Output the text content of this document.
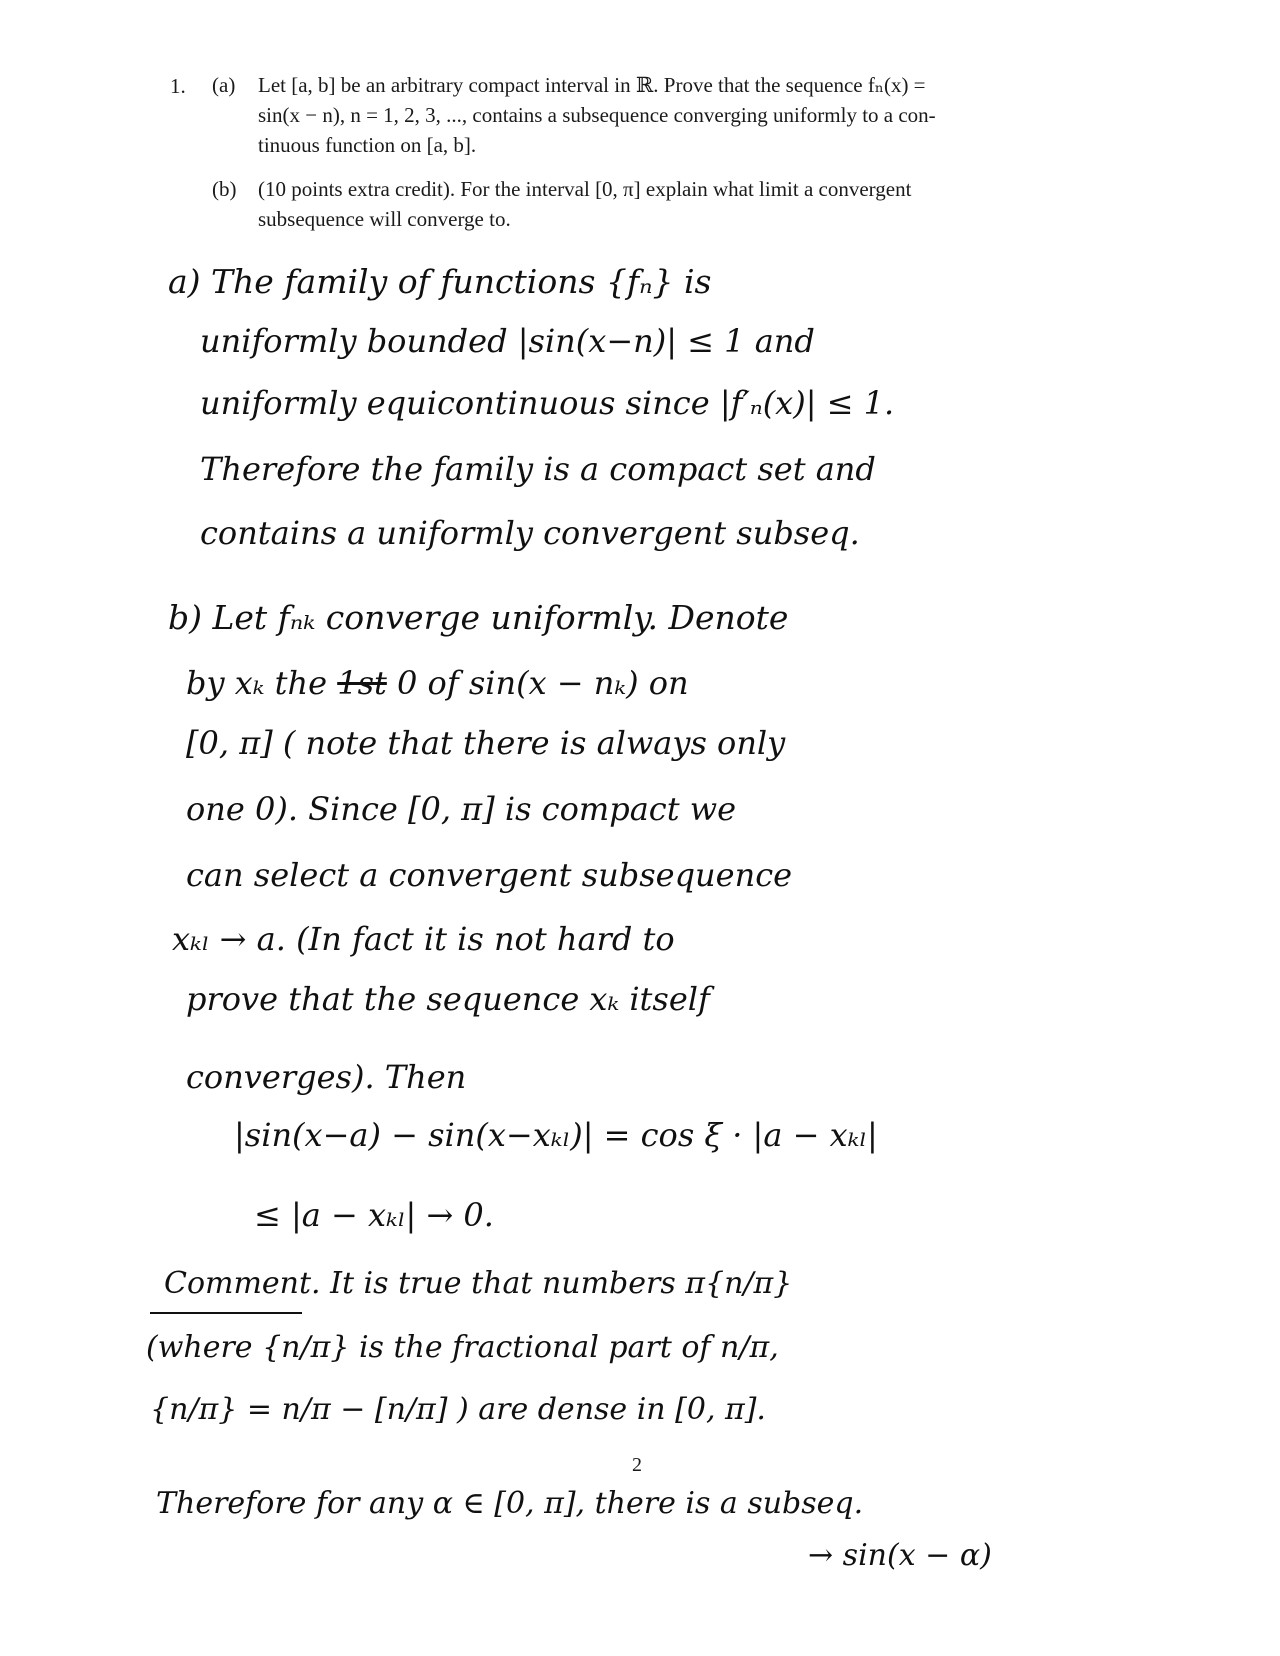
1. (a) Let [a, b] be an arbitrary compact interval in ℝ. Prove that the sequence fₙ(x) =
sin(x − n), n = 1, 2, 3, ..., contains a subsequence converging uniformly to a con-
tinuous function on [a, b].
(b) (10 points extra credit). For the interval [0, π] explain what limit a convergent
subsequence will converge to.
a) The family of functions {fₙ} is
uniformly bounded |sin(x−n)| ≤ 1 and
uniformly equicontinuous since |f′ₙ(x)| ≤ 1.
Therefore the family is a compact set and
contains a uniformly convergent subseq.
b) Let fₙₖ converge uniformly. Denote
by xₖ the 1st 0 of sin(x − nₖ) on
[0, π] ( note that there is always only
one 0). Since [0, π] is compact we
can select a convergent subsequence
xₖₗ → a. (In fact it is not hard to
prove that the sequence xₖ itself
converges). Then
|sin(x−a) − sin(x−xₖₗ)| = cos ξ · |a − xₖₗ|
≤ |a − xₖₗ| → 0.
Comment. It is true that numbers π{n/π}
(where {n/π} is the fractional part of n/π,
{n/π} = n/π − [n/π] ) are dense in [0, π].
Therefore for any α ∈ [0, π], there is a subseq.
→ sin(x − α)
2
